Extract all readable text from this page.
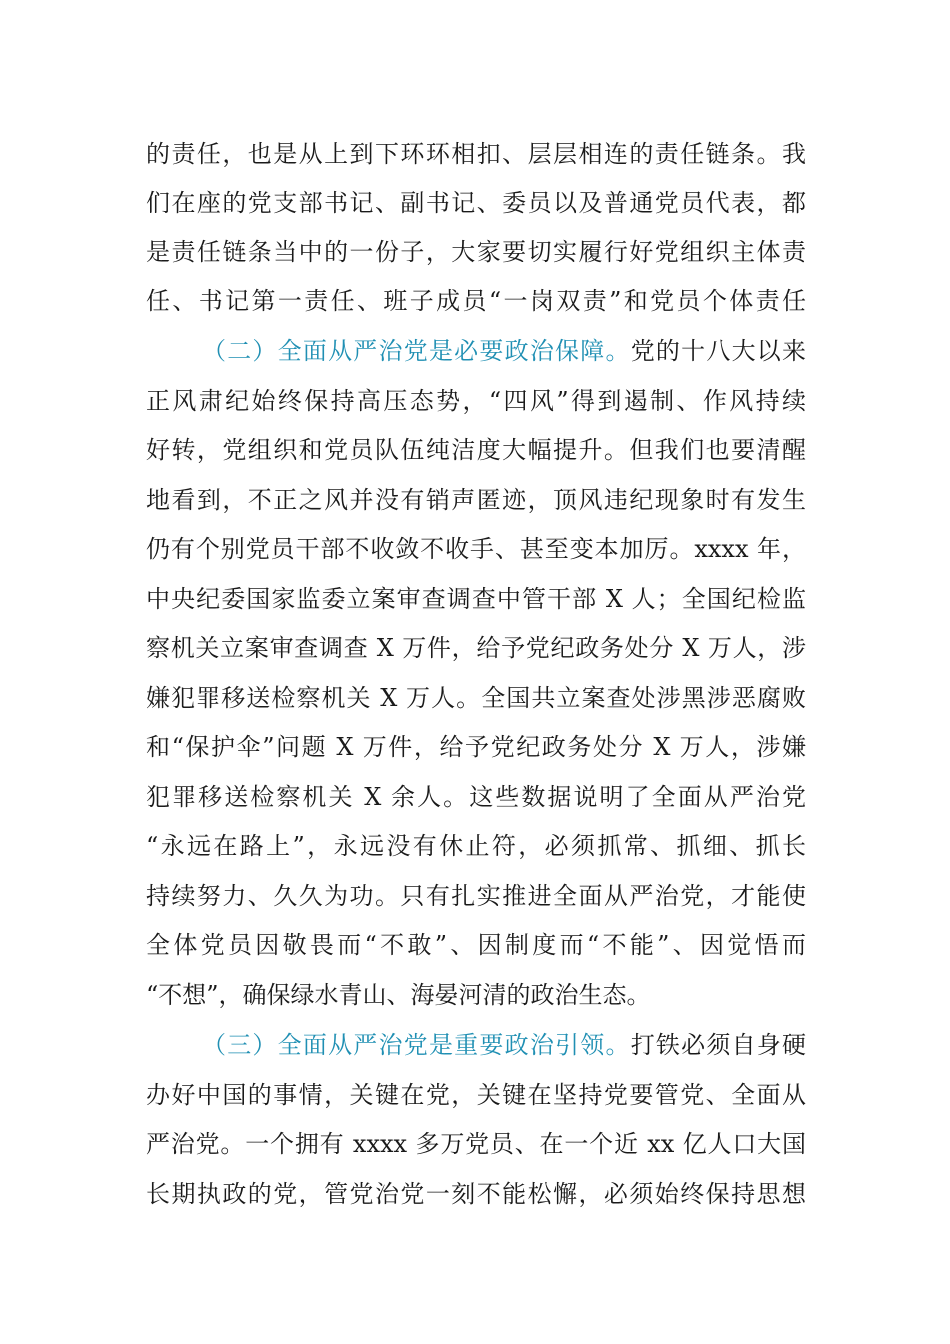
的责任，也是从上到下环环相扣、层层相连的责任链条。我
们在座的党支部书记、副书记、委员以及普通党员代表，都
是责任链条当中的一份子，大家要切实履行好党组织主体责
任、书记第一责任、班子成员“一岗双责”和党员个体责任
（二）全面从严治党是必要政治保障。党的十八大以来
正风肃纪始终保持高压态势，“四风”得到遏制、作风持续
好转，党组织和党员队伍纯洁度大幅提升。但我们也要清醒
地看到，不正之风并没有销声匿迹，顶风违纪现象时有发生
仍有个别党员干部不收敛不收手、甚至变本加厉。xxxx 年，
中央纪委国家监委立案审查调查中管干部 X 人；全国纪检监
察机关立案审查调查 X 万件，给予党纪政务处分 X 万人，涉
嫌犯罪移送检察机关 X 万人。全国共立案查处涉黑涉恶腐败
和“保护伞”问题 X 万件，给予党纪政务处分 X 万人，涉嫌
犯罪移送检察机关 X 余人。这些数据说明了全面从严治党
“永远在路上”，永远没有休止符，必须抓常、抓细、抓长
持续努力、久久为功。只有扎实推进全面从严治党，才能使
全体党员因敬畏而“不敢”、因制度而“不能”、因觉悟而
“不想”，确保绿水青山、海晏河清的政治生态。
（三）全面从严治党是重要政治引领。打铁必须自身硬
办好中国的事情，关键在党，关键在坚持党要管党、全面从
严治党。一个拥有 xxxx 多万党员、在一个近 xx 亿人口大国
长期执政的党，管党治党一刻不能松懈，必须始终保持思想
